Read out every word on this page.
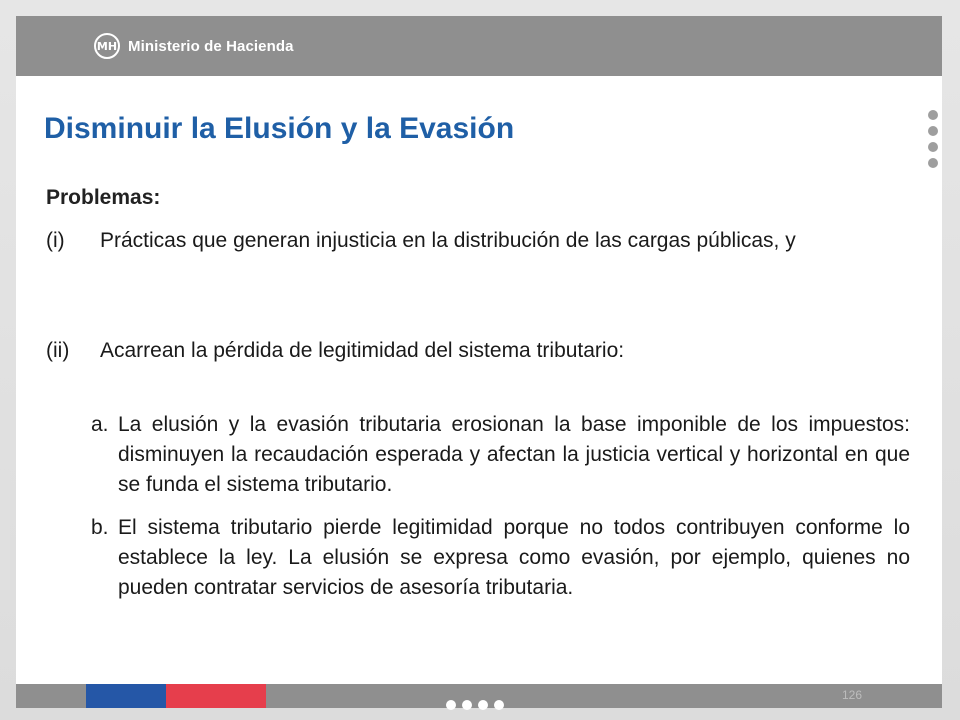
MH Ministerio de Hacienda
Disminuir la Elusión y la Evasión
Problemas:
(i) Prácticas que generan injusticia en la distribución de las cargas públicas, y
(ii) Acarrean la pérdida de legitimidad del sistema tributario:
a. La elusión y la evasión tributaria erosionan la base imponible de los impuestos: disminuyen la recaudación esperada y afectan la justicia vertical y horizontal en que se funda el sistema tributario.
b. El sistema tributario pierde legitimidad porque no todos contribuyen conforme lo establece la ley. La elusión se expresa como evasión, por ejemplo, quienes no pueden contratar servicios de asesoría tributaria.
126
